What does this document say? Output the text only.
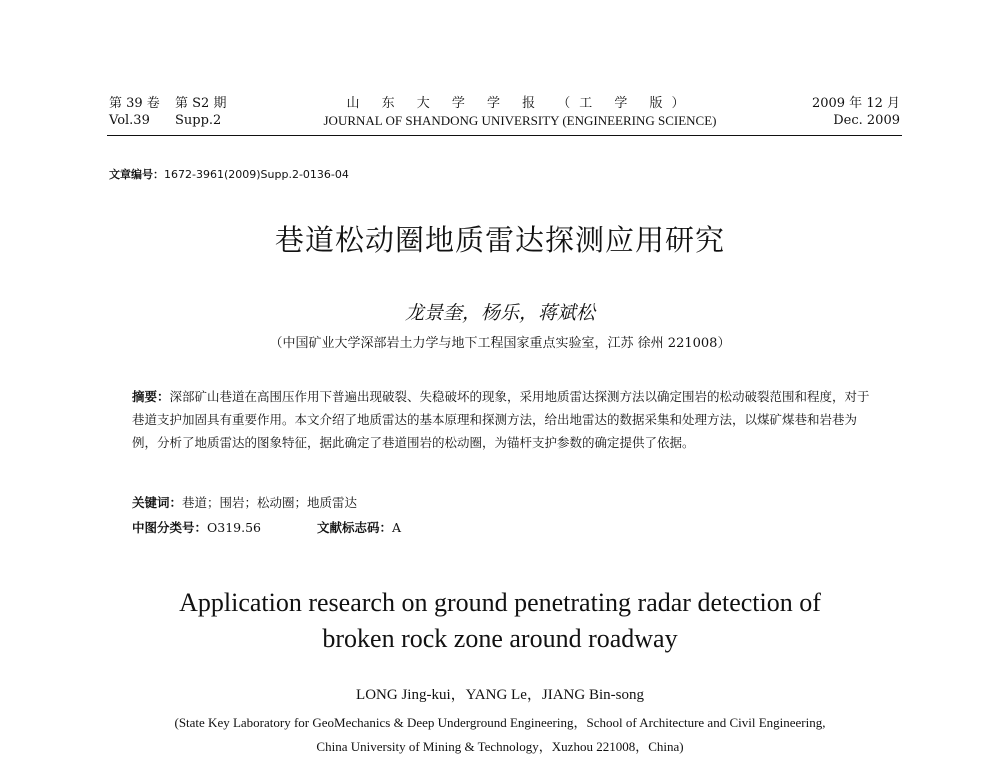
第 39 卷 第 S2 期
Vol.39 Supp.2
山 东 大 学 学 报 （工 学 版）
JOURNAL OF SHANDONG UNIVERSITY (ENGINEERING SCIENCE)
2009 年 12 月
Dec. 2009
文章编号：1672-3961(2009)Supp.2-0136-04
巷道松动圈地质雷达探测应用研究
龙景奎，杨乐，蒋斌松
（中国矿业大学深部岩土力学与地下工程国家重点实验室，江苏 徐州 221008）
摘要：深部矿山巷道在高围压作用下普遍出现破裂、失稳破坏的现象，采用地质雷达探测方法以确定围岩的松动破裂范围和程度，对于巷道支护加固具有重要作用。本文介绍了地质雷达的基本原理和探测方法，给出地雷达的数据采集和处理方法，以煤矿煤巷和岩巷为例，分析了地质雷达的图象特征，据此确定了巷道围岩的松动圈，为锚杆支护参数的确定提供了依据。
关键词：巷道；围岩；松动圈；地质雷达
中图分类号：O319.56	文献标志码：A
Application research on ground penetrating radar detection of
broken rock zone around roadway
LONG Jing-kui，YANG Le，JIANG Bin-song
(State Key Laboratory for GeoMechanics & Deep Underground Engineering，School of Architecture and Civil Engineering,
China University of Mining & Technology，Xuzhou 221008，China)
